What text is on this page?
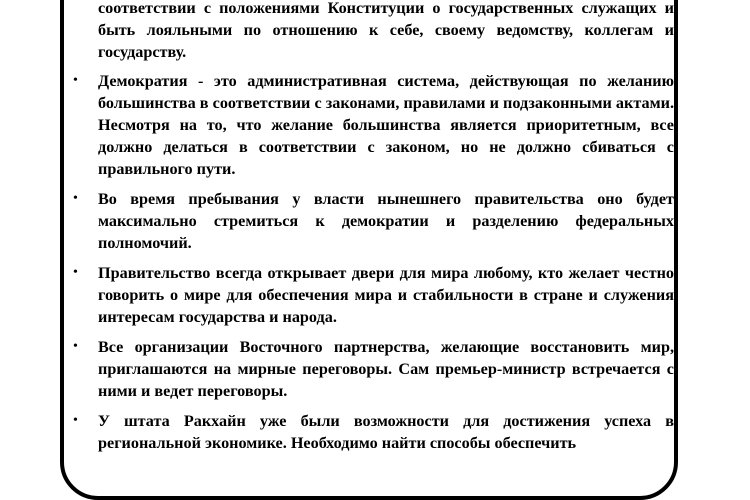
соответствии с положениями Конституции о государственных служащих и быть лояльными по отношению к себе, своему ведомству, коллегам и государству.

• Демократия - это административная система, действующая по желанию большинства в соответствии с законами, правилами и подзаконными актами. Несмотря на то, что желание большинства является приоритетным, все должно делаться в соответствии с законом, но не должно сбиваться с правильного пути.

• Во время пребывания у власти нынешнего правительства оно будет максимально стремиться к демократии и разделению федеральных полномочий.

• Правительство всегда открывает двери для мира любому, кто желает честно говорить о мире для обеспечения мира и стабильности в стране и служения интересам государства и народа.

• Все организации Восточного партнерства, желающие восстановить мир, приглашаются на мирные переговоры. Сам премьер-министр встречается с ними и ведет переговоры.

• У штата Ракхайн уже были возможности для достижения успеха в региональной экономике. Необходимо найти способы обеспечить
